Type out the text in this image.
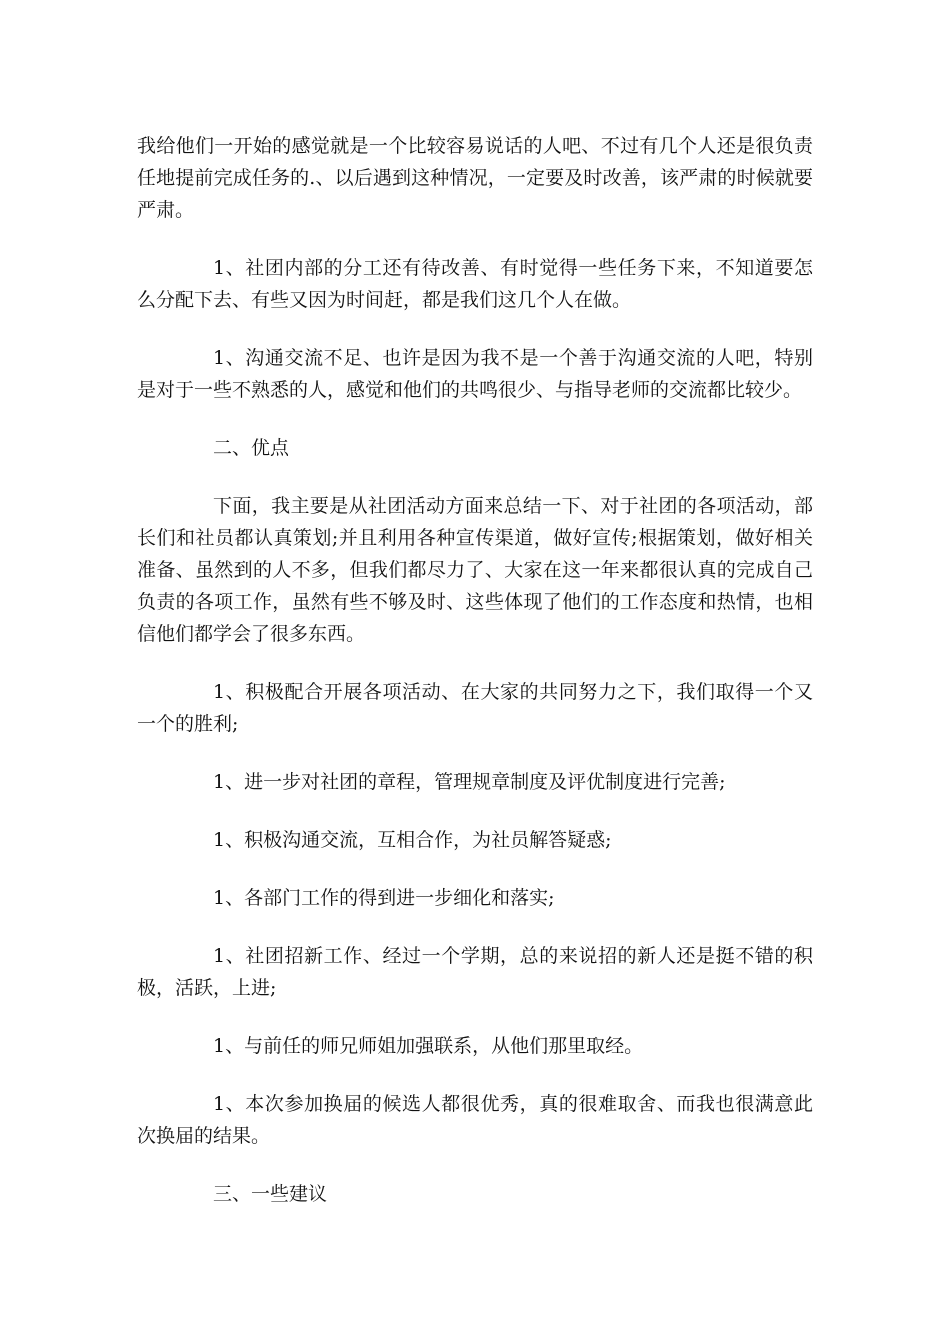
我给他们一开始的感觉就是一个比较容易说话的人吧、不过有几个人还是很负责任地提前完成任务的.、以后遇到这种情况，一定要及时改善，该严肃的时候就要严肃。

1、社团内部的分工还有待改善、有时觉得一些任务下来，不知道要怎么分配下去、有些又因为时间赶，都是我们这几个人在做。

1、沟通交流不足、也许是因为我不是一个善于沟通交流的人吧，特别是对于一些不熟悉的人，感觉和他们的共鸣很少、与指导老师的交流都比较少。

二、优点

下面，我主要是从社团活动方面来总结一下、对于社团的各项活动，部长们和社员都认真策划;并且利用各种宣传渠道，做好宣传;根据策划，做好相关准备、虽然到的人不多，但我们都尽力了、大家在这一年来都很认真的完成自己负责的各项工作，虽然有些不够及时、这些体现了他们的工作态度和热情，也相信他们都学会了很多东西。

1、积极配合开展各项活动、在大家的共同努力之下，我们取得一个又一个的胜利;

1、进一步对社团的章程，管理规章制度及评优制度进行完善;

1、积极沟通交流，互相合作，为社员解答疑惑;

1、各部门工作的得到进一步细化和落实;

1、社团招新工作、经过一个学期，总的来说招的新人还是挺不错的积极，活跃，上进;

1、与前任的师兄师姐加强联系，从他们那里取经。

1、本次参加换届的候选人都很优秀，真的很难取舍、而我也很满意此次换届的结果。

三、一些建议
